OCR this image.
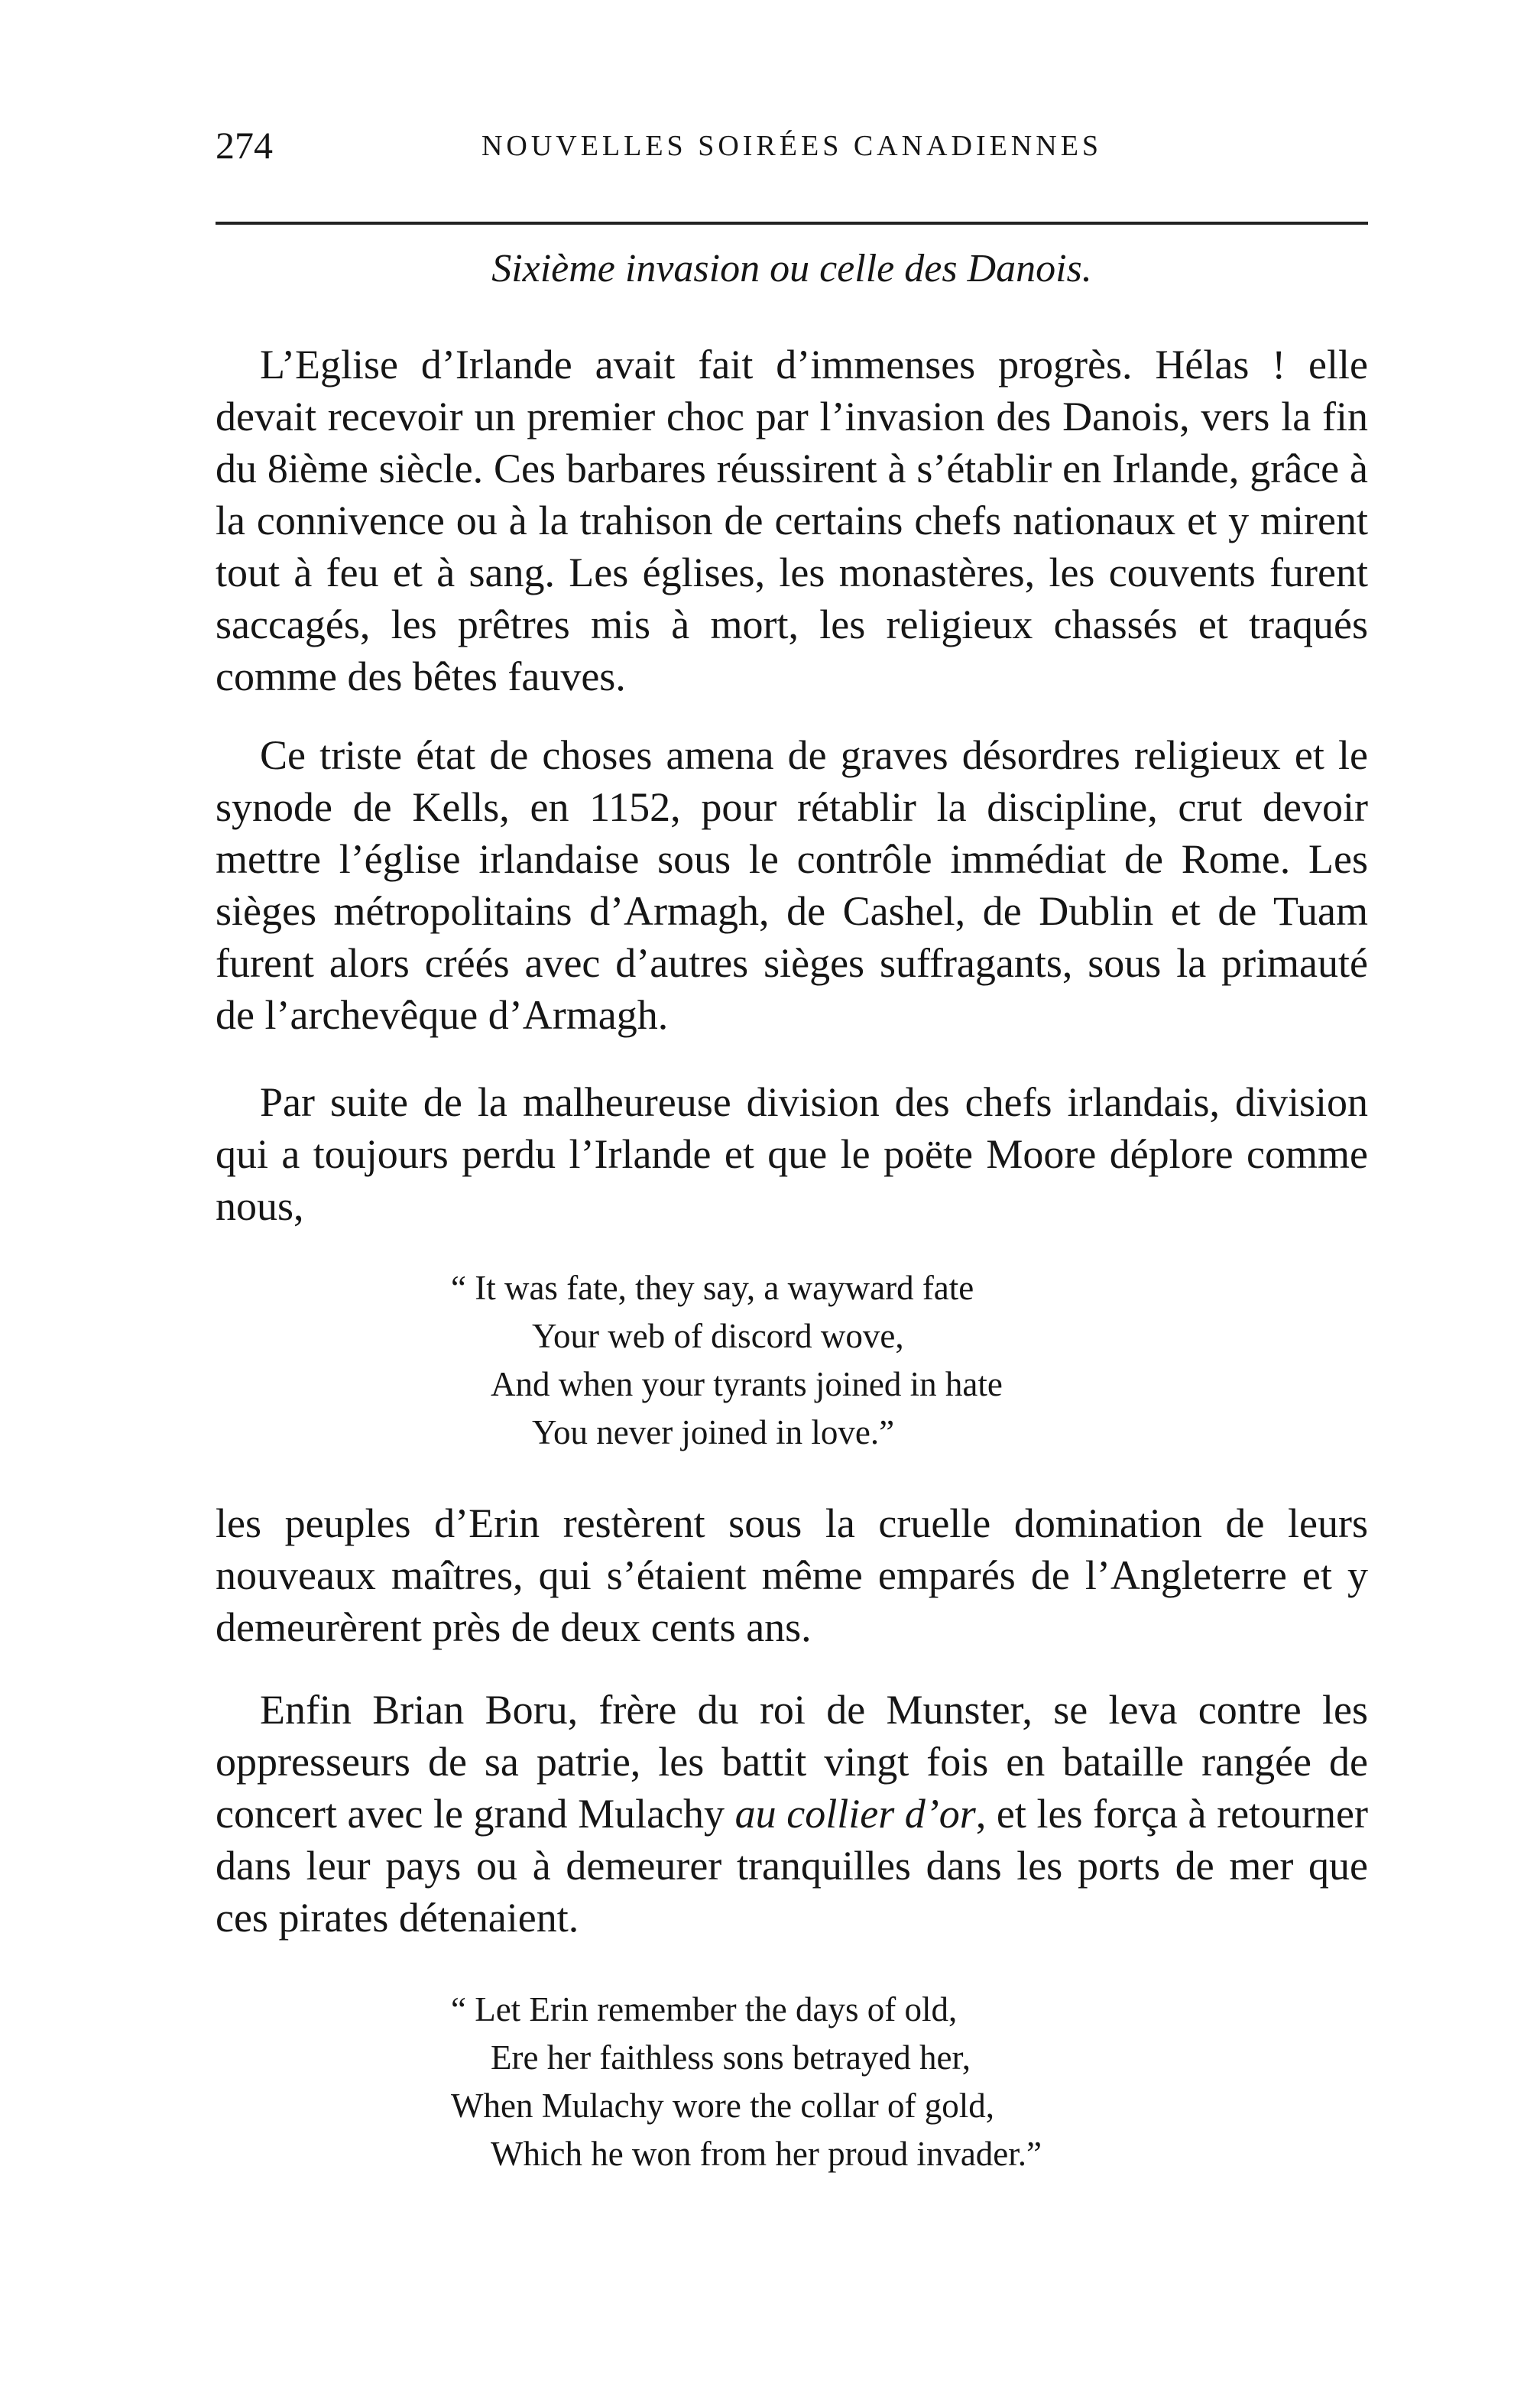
274	NOUVELLES SOIRÉES CANADIENNES
Sixième invasion ou celle des Danois.

L’Eglise d’Irlande avait fait d’immenses progrès. Hélas ! elle devait recevoir un premier choc par l’invasion des Danois, vers la fin du 8ième siècle. Ces barbares réussirent à s’établir en Irlande, grâce à la connivence ou à la trahison de certains chefs nationaux et y mirent tout à feu et à sang. Les églises, les monastères, les couvents furent saccagés, les prêtres mis à mort, les religieux chassés et traqués comme des bêtes fauves.

Ce triste état de choses amena de graves désordres religieux et le synode de Kells, en 1152, pour rétablir la discipline, crut devoir mettre l’église irlandaise sous le contrôle immédiat de Rome. Les sièges métropolitains d’Armagh, de Cashel, de Dublin et de Tuam furent alors créés avec d’autres sièges suffragants, sous la primauté de l’archevêque d’Armagh.

Par suite de la malheureuse division des chefs irlandais, division qui a toujours perdu l’Irlande et que le poëte Moore déplore comme nous,

“ It was fate, they say, a wayward fate
Your web of discord wove,
And when your tyrants joined in hate
You never joined in love.”

les peuples d’Erin restèrent sous la cruelle domination de leurs nouveaux maîtres, qui s’étaient même emparés de l’Angleterre et y demeurèrent près de deux cents ans.

Enfin Brian Boru, frère du roi de Munster, se leva contre les oppresseurs de sa patrie, les battit vingt fois en bataille rangée de concert avec le grand Mulachy au collier d’or, et les força à retourner dans leur pays ou à demeurer tranquilles dans les ports de mer que ces pirates détenaient.

“ Let Erin remember the days of old,
Ere her faithless sons betrayed her,
When Mulachy wore the collar of gold,
Which he won from her proud invader.”
